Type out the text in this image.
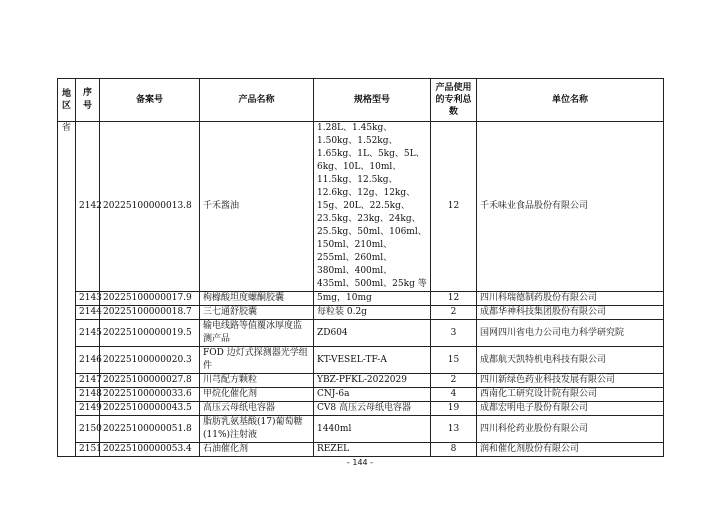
地区	序号	备案号	产品名称	规格型号	产品使用的专利总数	单位名称
省	2142	20225100000013.8	千禾酱油	1.28L、1.45kg、1.50kg、1.52kg、1.65kg、1L、5kg、5L、6kg、10L、10ml、11.5kg、12.5kg、12.6kg、12g、12kg、15g、20L、22.5kg、23.5kg、23kg、24kg、25.5kg、50ml、106ml、150ml、210ml、255ml、260ml、380ml、400ml、435ml、500ml、25kg 等	12	千禾味业食品股份有限公司
	2143	20225100000017.9	枸橼酸坦度螺酮胶囊	5mg，10mg	12	四川科瑞德制药股份有限公司
	2144	20225100000018.7	三七通舒胶囊	每粒装 0.2g	2	成都华神科技集团股份有限公司
	2145	20225100000019.5	输电线路等值覆冰厚度监测产品	ZD604	3	国网四川省电力公司电力科学研究院
	2146	20225100000020.3	FOD 边灯式探测器光学组件	KT-VESEL-TF-A	15	成都航天凯特机电科技有限公司
	2147	20225100000027.8	川芎配方颗粒	YBZ-PFKL-2022029	2	四川新绿色药业科技发展有限公司
	2148	20225100000033.6	甲烷化催化剂	CNJ-6a	4	西南化工研究设计院有限公司
	2149	20225100000043.5	高压云母纸电容器	CV8 高压云母纸电容器	19	成都宏明电子股份有限公司
	2150	20225100000051.8	脂肪乳氨基酸(17)葡萄糖(11%)注射液	1440ml	13	四川科伦药业股份有限公司
	2151	20225100000053.4	石油催化剂	REZEL	8	润和催化剂股份有限公司
- 144 -
